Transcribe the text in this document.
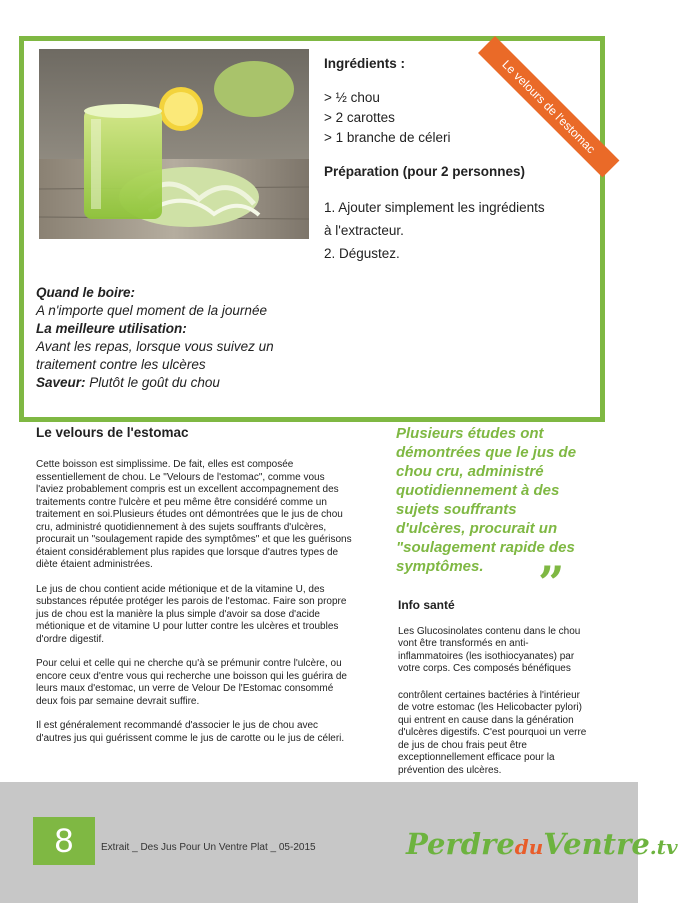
Ingrédients :
> ½ chou
> 2 carottes
> 1 branche de céleri
Préparation (pour 2 personnes)
1. Ajouter simplement les ingrédients
à l'extracteur.
2. Dégustez.
Le velours de l'estomac
Quand le boire:
A n'importe quel moment de la journée
La meilleure utilisation:
Avant les repas, lorsque vous suivez un traitement contre les ulcères
Saveur: Plutôt le goût du chou
Le velours de l'estomac

Cette boisson est simplissime. De fait, elles est composée essentiellement de chou. Le "Velours de l'estomac", comme vous l'aviez probablement compris est un excellent accompagnement des traitements contre l'ulcère et peu même être considéré comme un traitement en soi.Plusieurs études ont démontrées que le jus de chou cru, administré quotidiennement à des sujets souffrants d'ulcères, procurait un "soulagement rapide des symptômes" et que les guérisons étaient considérablement plus rapides que lorsque d'autres types de diète étaient administrées.

Le jus de chou contient acide métionique et de la vitamine U, des substances réputée protéger les parois de l'estomac. Faire son propre jus de chou est la manière la plus simple d'avoir sa dose d'acide métionique et de vitamine U pour lutter contre les ulcères et troubles d'ordre digestif.

Pour celui et celle qui ne cherche qu'à se prémunir contre l'ulcère, ou encore ceux d'entre vous qui recherche une boisson qui les guérira de leurs maux d'estomac, un verre de Velour De l'Estomac consommé deux fois par semaine devrait suffire.

Il est généralement recommandé d'associer le jus de chou avec d'autres jus qui guérissent comme le jus de carotte ou le jus de céleri.

Plusieurs études ont démontrées que le jus de chou cru, administré quotidiennement à des sujets souffrants d'ulcères, procurait un "soulagement rapide des symptômes.	”
Info santé

Les Glucosinolates contenu dans le chou vont être transformés en anti-inflammatoires (les isothiocyanates) par votre corps. Ces composés bénéfiques

contrôlent certaines bactéries à l'intérieur de votre estomac (les Helicobacter pylori) qui entrent en cause dans la génération d'ulcères digestifs. C'est pourquoi un verre de jus de chou frais peut être exceptionnellement efficace pour la prévention des ulcères.

8	Extrait _ Des Jus Pour Un Ventre Plat _ 05-2015	PerdreduVentre.tv
